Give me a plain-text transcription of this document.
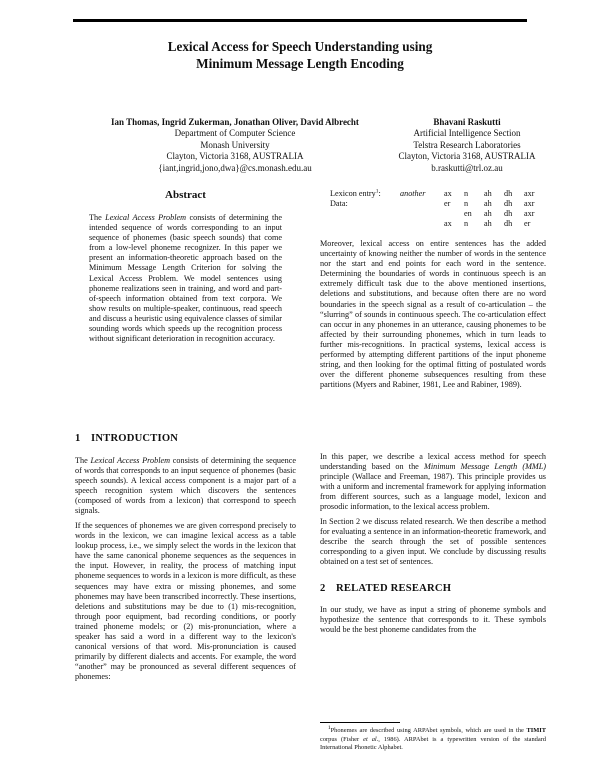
Lexical Access for Speech Understanding using
Minimum Message Length Encoding
Ian Thomas, Ingrid Zukerman, Jonathan Oliver, David Albrecht
Department of Computer Science
Monash University
Clayton, Victoria 3168, AUSTRALIA
{iant,ingrid,jono,dwa}@cs.monash.edu.au
Bhavani Raskutti
Artificial Intelligence Section
Telstra Research Laboratories
Clayton, Victoria 3168, AUSTRALIA
b.raskutti@trl.oz.au
Abstract

The Lexical Access Problem consists of determining the intended sequence of words corresponding to an input sequence of phonemes (basic speech sounds) that come from a low-level phoneme recognizer. In this paper we present an information-theoretic approach based on the Minimum Message Length Criterion for solving the Lexical Access Problem. We model sentences using phoneme realizations seen in training, and word and part-of-speech information obtained from text corpora. We show results on multiple-speaker, continuous, read speech and discuss a heuristic using equivalence classes of similar sounding words which speeds up the recognition process without significant deterioration in recognition accuracy.

1 INTRODUCTION

The Lexical Access Problem consists of determining the sequence of words that corresponds to an input sequence of phonemes (basic speech sounds). A lexical access component is a major part of a speech recognition system which discovers the sentences (composed of words from a lexicon) that correspond to speech signals.

If the sequences of phonemes we are given correspond precisely to words in the lexicon, we can imagine lexical access as a table lookup process, i.e., we simply select the words in the lexicon that have the same canonical phoneme sequences as the sequences in the input. However, in reality, the process of matching input phoneme sequences to words in a lexicon is more difficult, as these sequences may have extra or missing phonemes, and some phonemes may have been transcribed incorrectly. These insertions, deletions and substitutions may be due to (1) mis-recognition, through poor equipment, bad recording conditions, or poorly trained phoneme models; or (2) mis-pronunciation, where a speaker has said a word in a different way to the lexicon's canonical versions of that word. Mis-pronunciation is caused primarily by different dialects and accents. For example, the word “another” may be pronounced as several different sequences of phonemes:

Lexicon entry$^1$:	another	ax	n	ah	dh	axr
Data:		er	n	ah	dh	axr
			en	ah	dh	axr
		ax	n	ah	dh	er

Moreover, lexical access on entire sentences has the added uncertainty of knowing neither the number of words in the sentence nor the start and end points for each word in the sentence. Determining the boundaries of words in continuous speech is an extremely difficult task due to the above mentioned insertions, deletions and substitutions, and because often there are no word boundaries in the speech signal as a result of co-articulation – the “slurring” of sounds in continuous speech. The co-articulation effect can occur in any phonemes in an utterance, causing phonemes to be affected by their surrounding phonemes, which in turn leads to further mis-recognitions. In practical systems, lexical access is performed by attempting different partitions of the input phoneme string, and then looking for the optimal fitting of postulated words over the different phoneme subsequences resulting from these partitions (Myers and Rabiner, 1981, Lee and Rabiner, 1989).

In this paper, we describe a lexical access method for speech understanding based on the Minimum Message Length (MML) principle (Wallace and Freeman, 1987). This principle provides us with a uniform and incremental framework for applying information from different sources, such as a language model, lexicon and prosodic information, to the lexical access problem.

In Section 2 we discuss related research. We then describe a method for evaluating a sentence in an information-theoretic framework, and describe the search through the set of possible sentences corresponding to a given input. We conclude by discussing results obtained on a test set of sentences.

2 RELATED RESEARCH

In our study, we have as input a string of phoneme symbols and hypothesize the sentence that corresponds to it. These symbols would be the best phoneme candidates from the

$^1$Phonemes are described using ARPAbet symbols, which are used in the TIMIT corpus (Fisher et al., 1986). ARPAbet is a typewritten version of the standard International Phonetic Alphabet.
